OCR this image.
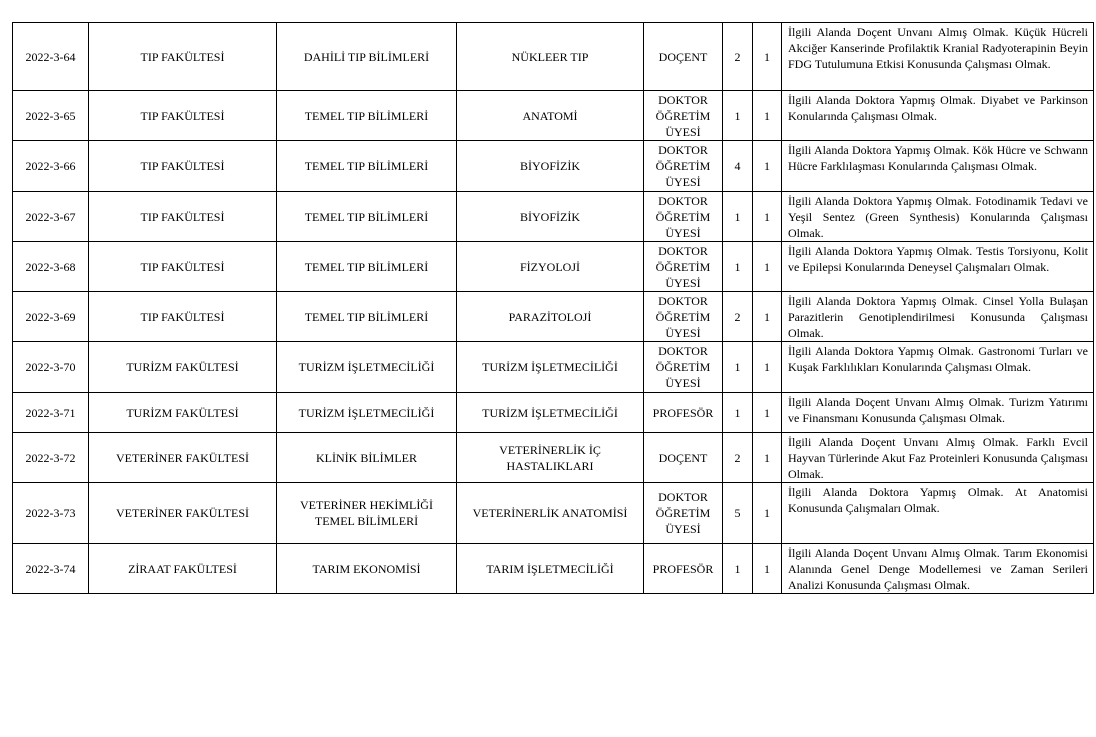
2022-3-64	TIP FAKÜLTESİ	DAHİLİ TIP BİLİMLERİ	NÜKLEER TIP	DOÇENT	2	1	İlgili Alanda Doçent Unvanı Almış Olmak. Küçük Hücreli Akciğer Kanserinde Profilaktik Kranial Radyoterapinin Beyin FDG Tutulumuna Etkisi Konusunda Çalışması Olmak.
2022-3-65	TIP FAKÜLTESİ	TEMEL TIP BİLİMLERİ	ANATOMİ	DOKTOR ÖĞRETİM ÜYESİ	1	1	İlgili Alanda Doktora Yapmış Olmak. Diyabet ve Parkinson Konularında Çalışması Olmak.
2022-3-66	TIP FAKÜLTESİ	TEMEL TIP BİLİMLERİ	BİYOFİZİK	DOKTOR ÖĞRETİM ÜYESİ	4	1	İlgili Alanda Doktora Yapmış Olmak. Kök Hücre ve Schwann Hücre Farklılaşması Konularında Çalışması Olmak.
2022-3-67	TIP FAKÜLTESİ	TEMEL TIP BİLİMLERİ	BİYOFİZİK	DOKTOR ÖĞRETİM ÜYESİ	1	1	İlgili Alanda Doktora Yapmış Olmak. Fotodinamik Tedavi ve Yeşil Sentez (Green Synthesis) Konularında Çalışması Olmak.
2022-3-68	TIP FAKÜLTESİ	TEMEL TIP BİLİMLERİ	FİZYOLOJİ	DOKTOR ÖĞRETİM ÜYESİ	1	1	İlgili Alanda Doktora Yapmış Olmak. Testis Torsiyonu, Kolit ve Epilepsi Konularında Deneysel Çalışmaları Olmak.
2022-3-69	TIP FAKÜLTESİ	TEMEL TIP BİLİMLERİ	PARAZİTOLOJİ	DOKTOR ÖĞRETİM ÜYESİ	2	1	İlgili Alanda Doktora Yapmış Olmak. Cinsel Yolla Bulaşan Parazitlerin Genotiplendirilmesi Konusunda Çalışması Olmak.
2022-3-70	TURİZM FAKÜLTESİ	TURİZM İŞLETMECİLİĞİ	TURİZM İŞLETMECİLİĞİ	DOKTOR ÖĞRETİM ÜYESİ	1	1	İlgili Alanda Doktora Yapmış Olmak. Gastronomi Turları ve Kuşak Farklılıkları Konularında Çalışması Olmak.
2022-3-71	TURİZM FAKÜLTESİ	TURİZM İŞLETMECİLİĞİ	TURİZM İŞLETMECİLİĞİ	PROFESÖR	1	1	İlgili Alanda Doçent Unvanı Almış Olmak. Turizm Yatırımı ve Finansmanı Konusunda Çalışması Olmak.
2022-3-72	VETERİNER FAKÜLTESİ	KLİNİK BİLİMLER	VETERİNERLİK İÇ HASTALIKLARI	DOÇENT	2	1	İlgili Alanda Doçent Unvanı Almış Olmak. Farklı Evcil Hayvan Türlerinde Akut Faz Proteinleri Konusunda Çalışması Olmak.
2022-3-73	VETERİNER FAKÜLTESİ	VETERİNER HEKİMLİĞİ TEMEL BİLİMLERİ	VETERİNERLİK ANATOMİSİ	DOKTOR ÖĞRETİM ÜYESİ	5	1	İlgili Alanda Doktora Yapmış Olmak. At Anatomisi Konusunda Çalışmaları Olmak.
2022-3-74	ZİRAAT FAKÜLTESİ	TARIM EKONOMİSİ	TARIM İŞLETMECİLİĞİ	PROFESÖR	1	1	İlgili Alanda Doçent Unvanı Almış Olmak. Tarım Ekonomisi Alanında Genel Denge Modellemesi ve Zaman Serileri Analizi Konusunda Çalışması Olmak.
